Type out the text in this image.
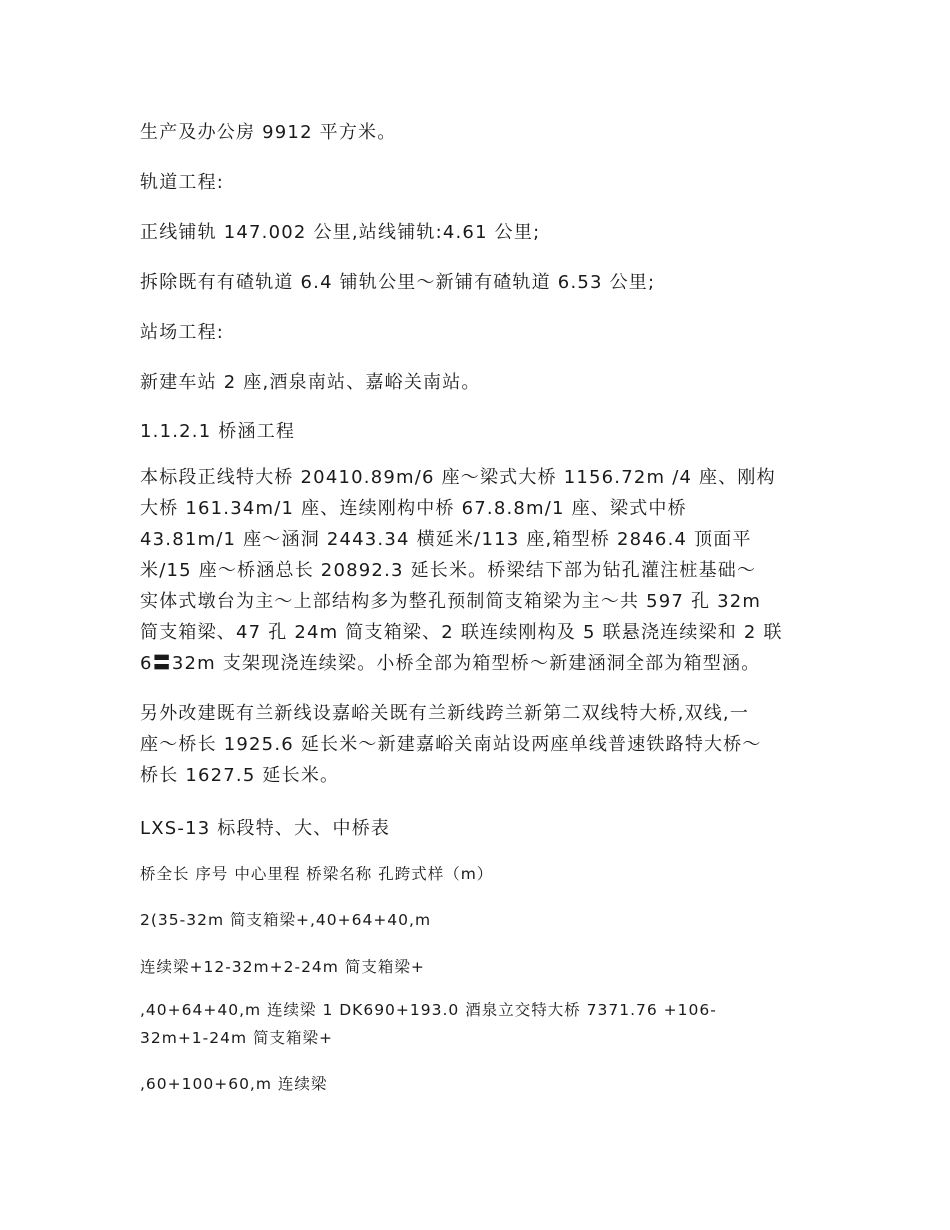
生产及办公房 9912 平方米。
轨道工程:
正线铺轨 147.002 公里,站线铺轨:4.61 公里;
拆除既有有碴轨道 6.4 铺轨公里～新铺有碴轨道 6.53 公里;
站场工程:
新建车站 2 座,酒泉南站、嘉峪关南站。
1.1.2.1 桥涵工程
本标段正线特大桥 20410.89m/6 座～梁式大桥 1156.72m /4 座、刚构
大桥 161.34m/1 座、连续刚构中桥 67.8.8m/1 座、梁式中桥
43.81m/1 座～涵洞 2443.34 横延米/113 座,箱型桥 2846.4 顶面平
米/15 座～桥涵总长 20892.3 延长米。桥梁结下部为钻孔灌注桩基础～
实体式墩台为主～上部结构多为整孔预制简支箱梁为主～共 597 孔 32m
简支箱梁、47 孔 24m 简支箱梁、2 联连续刚构及 5 联悬浇连续梁和 2 联
6〓32m 支架现浇连续梁。小桥全部为箱型桥～新建涵洞全部为箱型涵。
另外改建既有兰新线设嘉峪关既有兰新线跨兰新第二双线特大桥,双线,一
座～桥长 1925.6 延长米～新建嘉峪关南站设两座单线普速铁路特大桥～
桥长 1627.5 延长米。
LXS-13 标段特、大、中桥表
桥全长 序号 中心里程 桥梁名称 孔跨式样（m）
2(35-32m 简支箱梁+,40+64+40,m
连续梁+12-32m+2-24m 简支箱梁+
,40+64+40,m 连续梁 1 DK690+193.0 酒泉立交特大桥 7371.76 +106-
32m+1-24m 简支箱梁+
,60+100+60,m 连续梁
